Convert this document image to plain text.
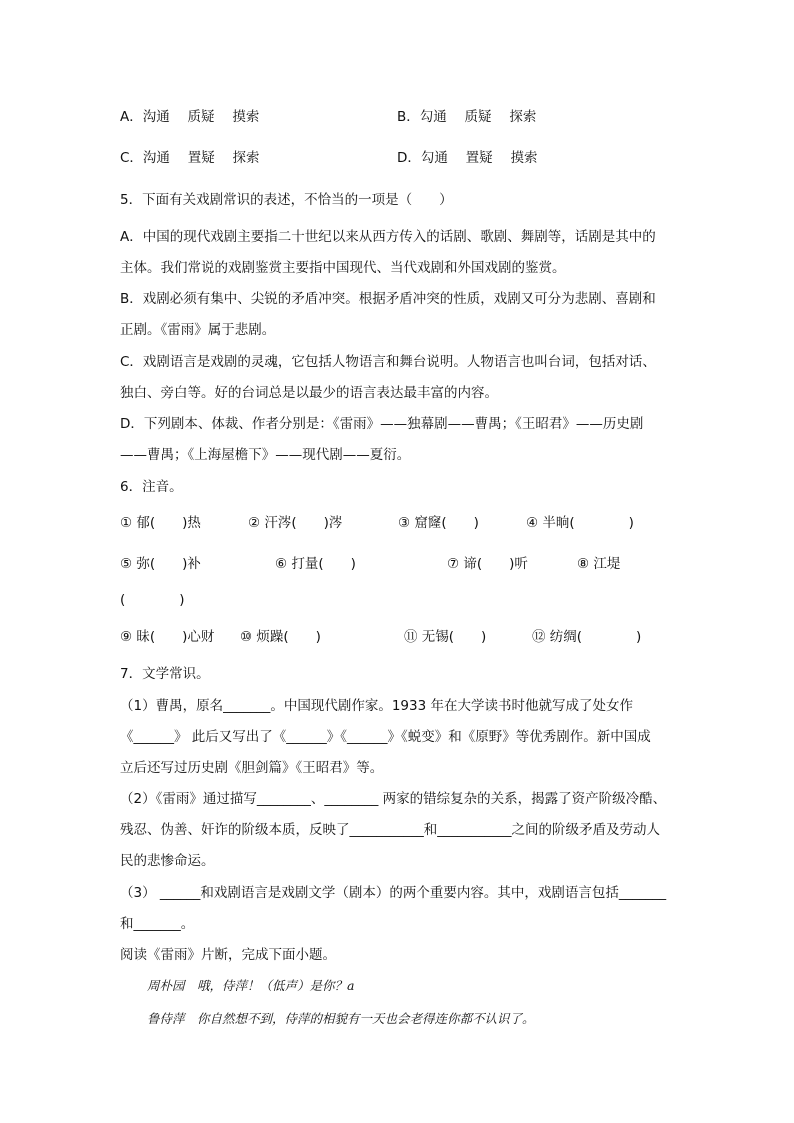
A．沟通　 质疑　 摸索	B．勾通　 质疑　 探索
C．沟通　 置疑　 探索	D．勾通　 置疑　 摸索
5．下面有关戏剧常识的表述，不恰当的一项是（　　）
A．中国的现代戏剧主要指二十世纪以来从西方传入的话剧、歌剧、舞剧等，话剧是其中的
主体。我们常说的戏剧鉴赏主要指中国现代、当代戏剧和外国戏剧的鉴赏。
B．戏剧必须有集中、尖锐的矛盾冲突。根据矛盾冲突的性质，戏剧又可分为悲剧、喜剧和
正剧。《雷雨》属于悲剧。
C．戏剧语言是戏剧的灵魂，它包括人物语言和舞台说明。人物语言也叫台词，包括对话、
独白、旁白等。好的台词总是以最少的语言表达最丰富的内容。
D．下列剧本、体裁、作者分别是：《雷雨》——独幕剧——曹禺；《王昭君》——历史剧
——曹禺；《上海屋檐下》——现代剧——夏衍。
6．注音。
① 郁(　　)热	② 汗涔(　　)涔	③ 窟窿(　　)	④ 半晌(　　　　)
⑤ 弥(　　)补	⑥ 打量(　　)	⑦ 谛(　　)听	⑧ 江堤
(　　　　)
⑨ 昧(　　)心财 ⑩ 烦躁(　　)	⑪ 无锡(　　)	⑫ 纺绸(　　　　)
7．文学常识。
（1）曹禺，原名_______。中国现代剧作家。1933 年在大学读书时他就写成了处女作
《______》 此后又写出了《______》《______》《蜕变》和《原野》等优秀剧作。新中国成
立后还写过历史剧《胆剑篇》《王昭君》等。
（2）《雷雨》通过描写________、________ 两家的错综复杂的关系，揭露了资产阶级冷酷、
残忍、伪善、奸诈的阶级本质，反映了___________和___________之间的阶级矛盾及劳动人
民的悲惨命运。
（3） ______和戏剧语言是戏剧文学（剧本）的两个重要内容。其中，戏剧语言包括_______
和_______。
阅读《雷雨》片断，完成下面小题。
周朴园　哦，侍萍！（低声）是你？a
鲁侍萍　你自然想不到，侍萍的相貌有一天也会老得连你都不认识了。
